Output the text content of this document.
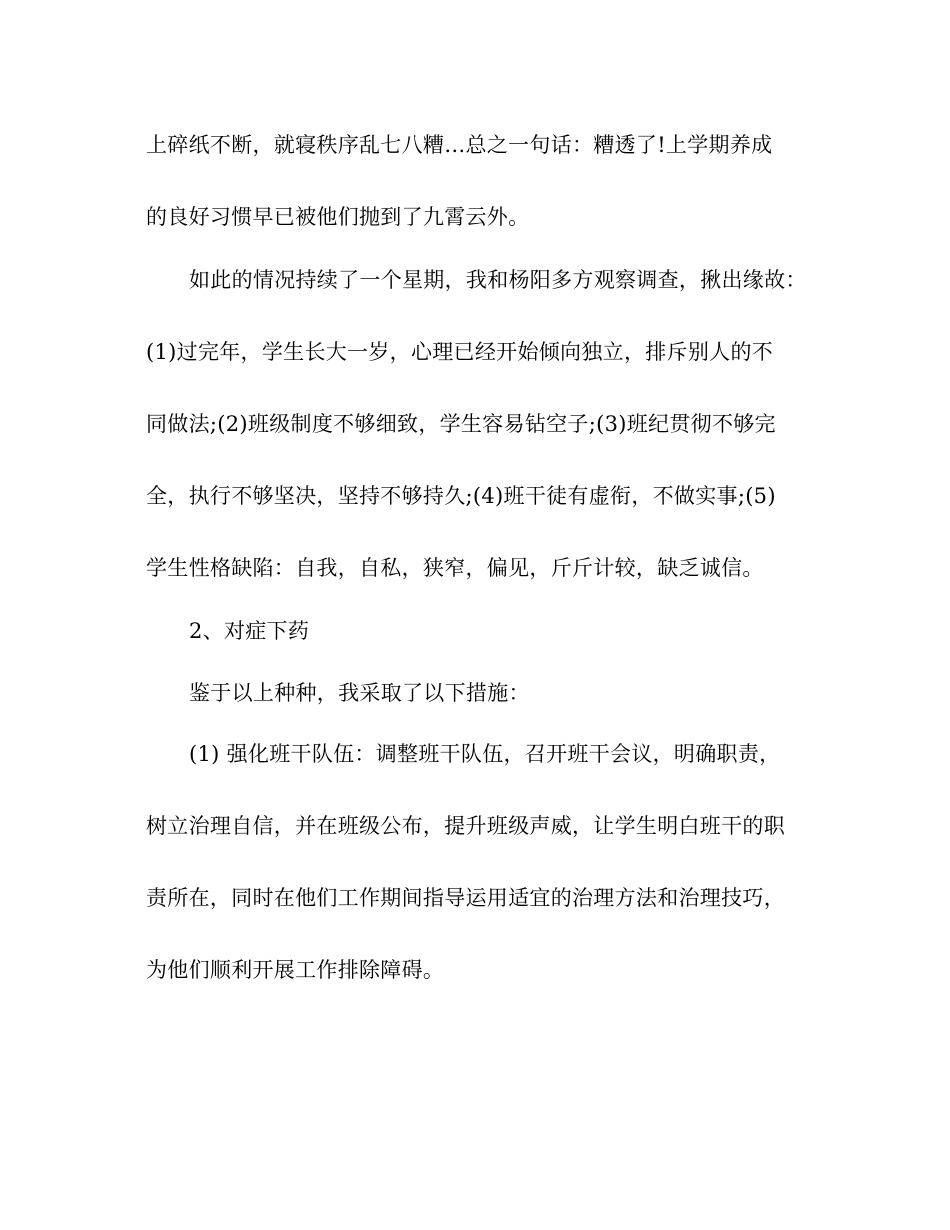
上碎纸不断，就寝秩序乱七八糟…总之一句话：糟透了!上学期养成
的良好习惯早已被他们抛到了九霄云外。
如此的情况持续了一个星期，我和杨阳多方观察调查，揪出缘故：
(1)过完年，学生长大一岁，心理已经开始倾向独立，排斥别人的不
同做法;(2)班级制度不够细致，学生容易钻空子;(3)班纪贯彻不够完
全，执行不够坚决，坚持不够持久;(4)班干徒有虚衔，不做实事;(5)
学生性格缺陷：自我，自私，狭窄，偏见，斤斤计较，缺乏诚信。
2、对症下药
鉴于以上种种，我采取了以下措施：
(1) 强化班干队伍：调整班干队伍，召开班干会议，明确职责，
树立治理自信，并在班级公布，提升班级声威，让学生明白班干的职
责所在，同时在他们工作期间指导运用适宜的治理方法和治理技巧，
为他们顺利开展工作排除障碍。
